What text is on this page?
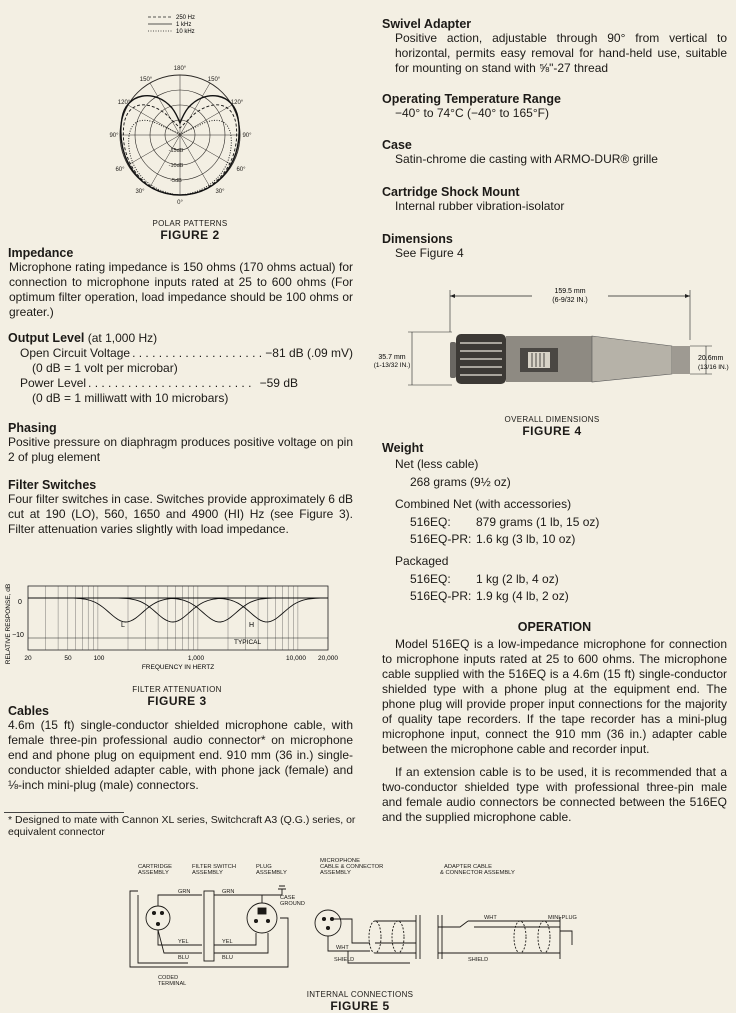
250 Hz
1 kHz
10 kHz
180°
150°	150°
120°	120°
90°	90°
60°	60°
30°	30°
0°
-15dB
-10dB
-5dB
POLAR PATTERNS
FIGURE 2
Impedance
Microphone rating impedance is 150 ohms (170 ohms actual) for connection to microphone inputs rated at 25 to 600 ohms (For optimum filter operation, load impedance should be 100 ohms or greater.)
Output Level (at 1,000 Hz)
Open Circuit Voltage . . . . . . . . . . . . . . . . . . . . −81 dB (.09 mV)
(0 dB = 1 volt per microbar)
Power Level . . . . . . . . . . . . . . . . . . . . . . . . . −59 dB
(0 dB = 1 milliwatt with 10 microbars)
Phasing
Positive pressure on diaphragm produces positive voltage on pin 2 of plug element
Filter Switches
Four filter switches in case. Switches provide approximately 6 dB cut at 190 (LO), 560, 1650 and 4900 (HI) Hz (see Figure 3). Filter attenuation varies slightly with load impedance.
RELATIVE RESPONSE, dB 0
−10
L	H
TYPICAL
20	50	100	1,000	10,000 20,000
FREQUENCY IN HERTZ
FILTER ATTENUATION
FIGURE 3
Cables
4.6m (15 ft) single-conductor shielded microphone cable, with female three-pin professional audio connector* on microphone end and phone plug on equipment end. 910 mm (36 in.) single-conductor shielded adapter cable, with phone jack (female) and ⅛-inch mini-plug (male) connectors.
* Designed to mate with Cannon XL series, Switchcraft A3 (Q.G.) series, or equivalent connector
Swivel Adapter
Positive action, adjustable through 90° from vertical to horizontal, permits easy removal for hand-held use, suitable for mounting on stand with ⅝"-27 thread
Operating Temperature Range
−40° to 74°C (−40° to 165°F)
Case
Satin-chrome die casting with ARMO-DUR® grille
Cartridge Shock Mount
Internal rubber vibration-isolator
Dimensions
See Figure 4
159.5 mm
(6-9/32 IN.)
35.7 mm
(1-13/32 IN.)
20.6mm
(13/16 IN.)
OVERALL DIMENSIONS
FIGURE 4
Weight
Net (less cable)
268 grams (9½ oz)
Combined Net (with accessories)
516EQ: 879 grams (1 lb, 15 oz)
516EQ-PR: 1.6 kg (3 lb, 10 oz)
Packaged
516EQ: 1 kg (2 lb, 4 oz)
516EQ-PR: 1.9 kg (4 lb, 2 oz)
OPERATION
Model 516EQ is a low-impedance microphone for connection to microphone inputs rated at 25 to 600 ohms. The microphone cable supplied with the 516EQ is a 4.6m (15 ft) single-conductor shielded type with a phone plug at the equipment end. The phone plug will provide proper input connections for the majority of quality tape recorders. If the tape recorder has a mini-plug microphone input, connect the 910 mm (36 in.) adapter cable between the microphone cable and recorder input.
If an extension cable is to be used, it is recommended that a two-conductor shielded type with professional three-pin male and female audio connectors be connected between the 516EQ and the supplied microphone cable.
CARTRIDGE
ASSEMBLY
FILTER SWITCH
ASSEMBLY
PLUG
ASSEMBLY
MICROPHONE
CABLE & CONNECTOR
ASSEMBLY
ADAPTER CABLE
& CONNECTOR ASSEMBLY
GRN	GRN
YEL
BLU
YEL
BLU
CASE
GROUND
CODED
TERMINAL
WHT
SHIELD
WHT
SHIELD
MINI-PLUG
INTERNAL CONNECTIONS
FIGURE 5
